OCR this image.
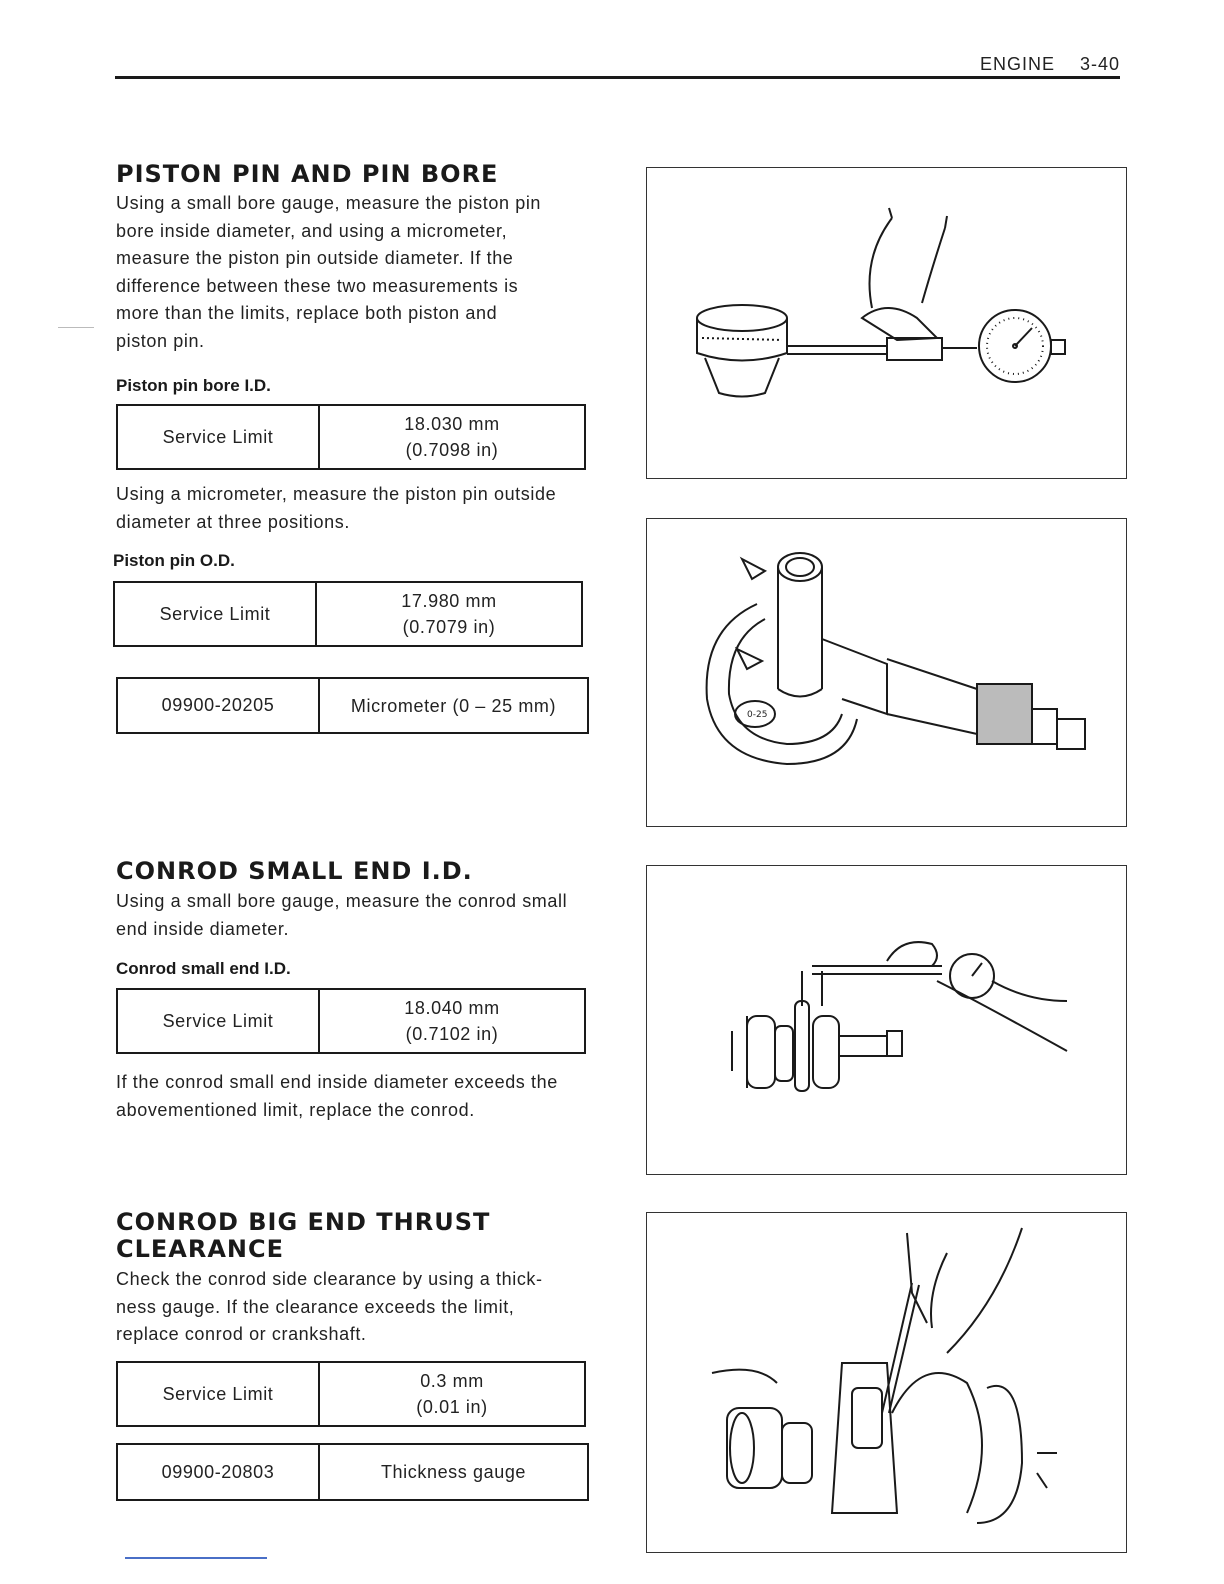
ENGINE 3-40
PISTON PIN AND PIN BORE
Using a small bore gauge, measure the piston pin
bore inside diameter, and using a micrometer,
measure the piston pin outside diameter. If the
difference between these two measurements is
more than the limits, replace both piston and
piston pin.
Piston pin bore I.D.
Service Limit
18.030 mm
(0.7098 in)
Using a micrometer, measure the piston pin outside
diameter at three positions.
Piston pin O.D.
Service Limit
17.980 mm
(0.7079 in)
09900-20205	Micrometer (0 – 25 mm)
CONROD SMALL END I.D.
Using a small bore gauge, measure the conrod small
end inside diameter.
Conrod small end I.D.
Service Limit
18.040 mm
(0.7102 in)
If the conrod small end inside diameter exceeds the
abovementioned limit, replace the conrod.
CONROD BIG END THRUST
CLEARANCE
Check the conrod side clearance by using a thick-
ness gauge. If the clearance exceeds the limit,
replace conrod or crankshaft.
Service Limit
0.3 mm
(0.01 in)
09900-20803	Thickness gauge
0-25
